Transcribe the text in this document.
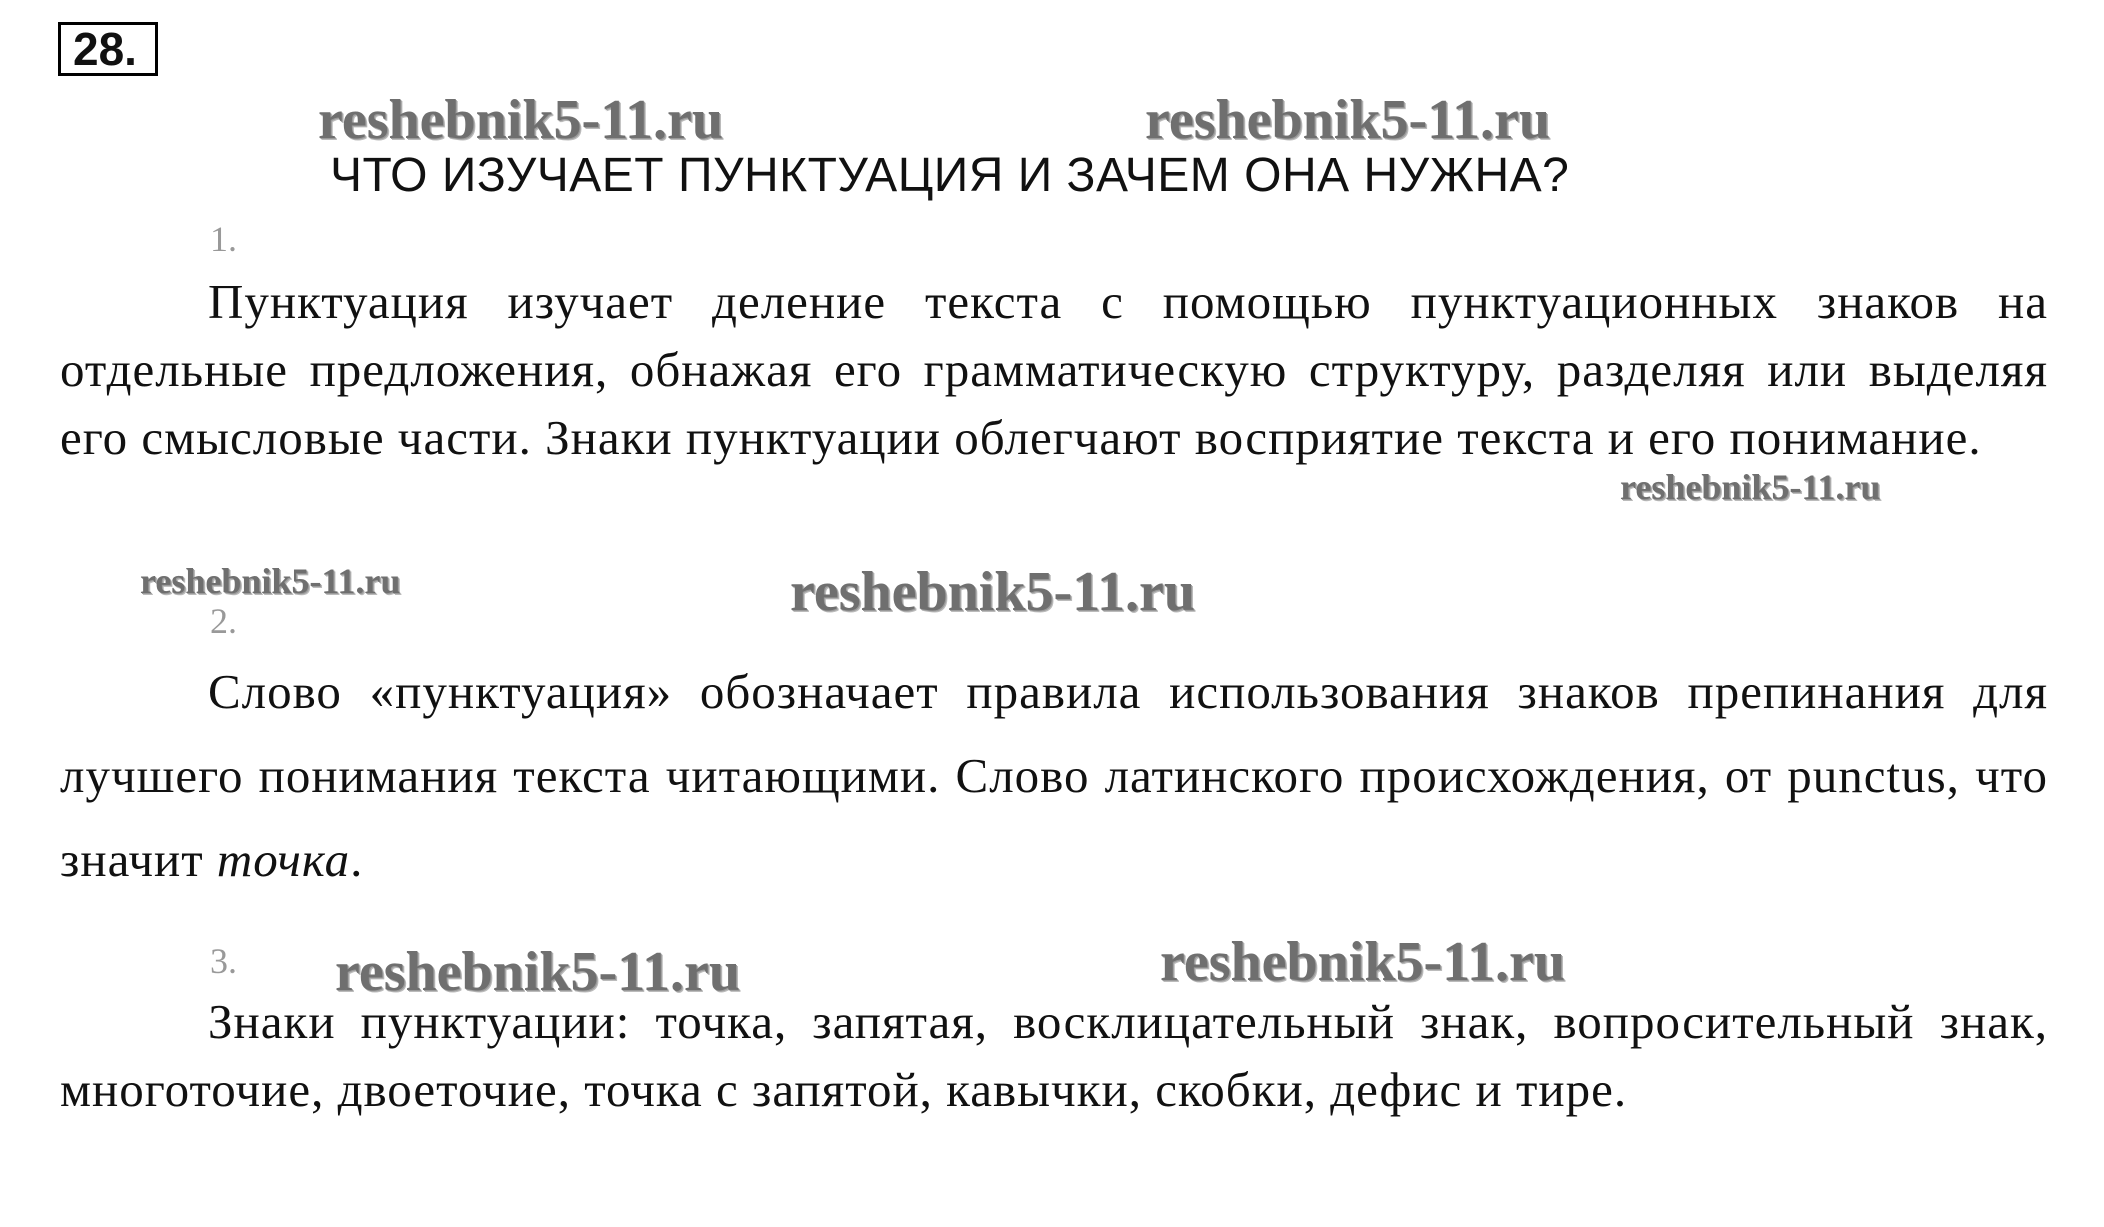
28.
reshebnik5-11.ru	reshebnik5-11.ru
ЧТО ИЗУЧАЕТ ПУНКТУАЦИЯ И ЗАЧЕМ ОНА НУЖНА?
1.
Пунктуация изучает деление текста с помощью пунктуационных знаков на отдельные предложения, обнажая его грамматическую структуру, разделяя или выделяя его смысловые части. Знаки пунктуации облегчают восприятие текста и его понимание.
reshebnik5-11.ru
reshebnik5-11.ru	reshebnik5-11.ru
2.
Слово «пунктуация» обозначает правила использования знаков препинания для лучшего понимания текста читающими. Слово латинского происхождения, от punctus, что значит точка.
3. reshebnik5-11.ru	reshebnik5-11.ru
Знаки пунктуации: точка, запятая, восклицательный знак, вопросительный знак, многоточие, двоеточие, точка с запятой, кавычки, скобки, дефис и тире.
